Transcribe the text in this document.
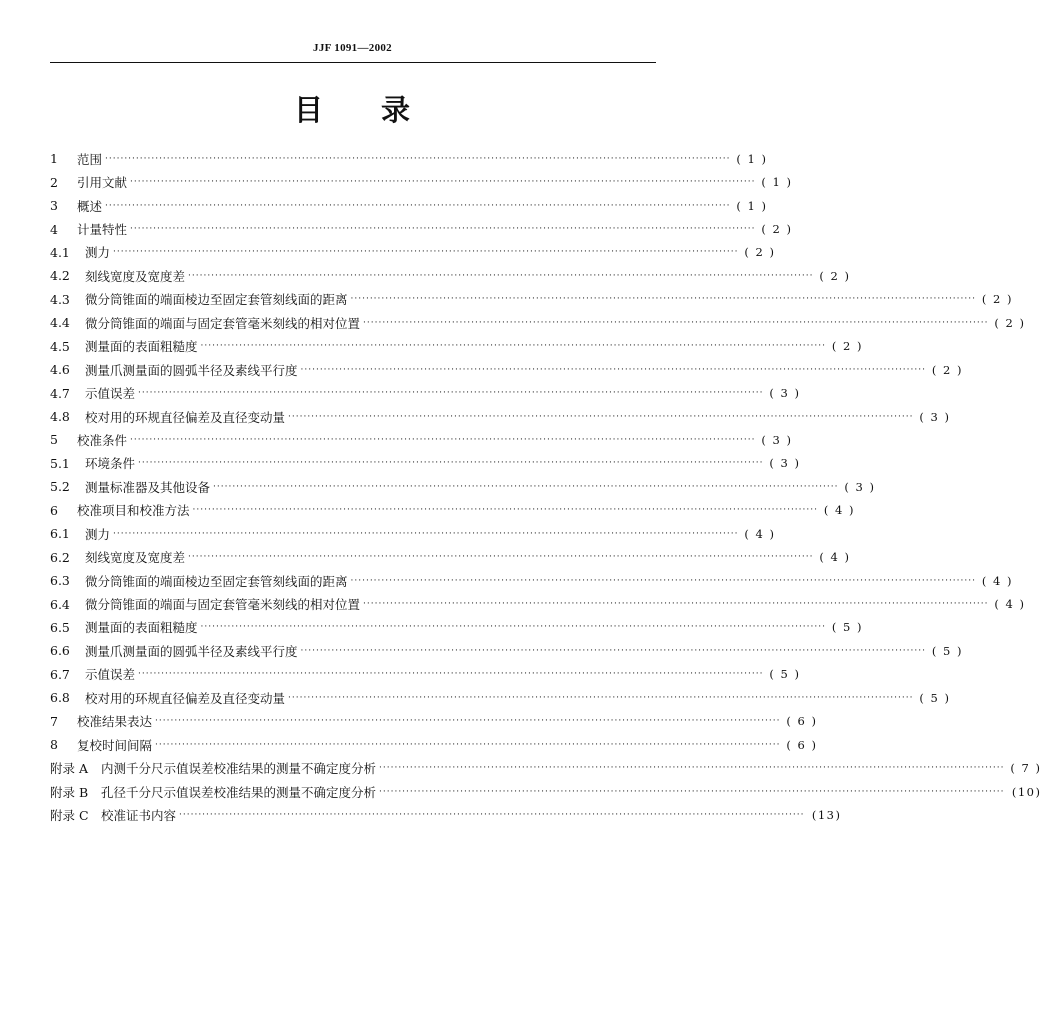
JJF 1091—2002
目 录
1	范围 ·····	( 1 )
2	引用文献 ·····	( 1 )
3	概述 ·····	( 1 )
4	计量特性 ·····	( 2 )
4.1	测力 ·····	( 2 )
4.2	刻线宽度及宽度差 ·····	( 2 )
4.3	微分筒锥面的端面棱边至固定套管刻线面的距离 ·····	( 2 )
4.4	微分筒锥面的端面与固定套管毫米刻线的相对位置 ·····	( 2 )
4.5	测量面的表面粗糙度 ·····	( 2 )
4.6	测量爪测量面的圆弧半径及素线平行度 ·····	( 2 )
4.7	示值误差 ·····	( 3 )
4.8	校对用的环规直径偏差及直径变动量 ·····	( 3 )
5	校准条件 ·····	( 3 )
5.1	环境条件 ·····	( 3 )
5.2	测量标准器及其他设备 ·····	( 3 )
6	校准项目和校准方法 ·····	( 4 )
6.1	测力 ·····	( 4 )
6.2	刻线宽度及宽度差 ·····	( 4 )
6.3	微分筒锥面的端面棱边至固定套管刻线面的距离 ·····	( 4 )
6.4	微分筒锥面的端面与固定套管毫米刻线的相对位置 ·····	( 4 )
6.5	测量面的表面粗糙度 ·····	( 5 )
6.6	测量爪测量面的圆弧半径及素线平行度 ·····	( 5 )
6.7	示值误差 ·····	( 5 )
6.8	校对用的环规直径偏差及直径变动量 ·····	( 5 )
7	校准结果表达 ·····	( 6 )
8	复校时间间隔 ·····	( 6 )
附录 A	内测千分尺示值误差校准结果的测量不确定度分析 ·····	( 7 )
附录 B	孔径千分尺示值误差校准结果的测量不确定度分析 ·····	(10)
附录 C 校准证书内容 ·····	(13)
